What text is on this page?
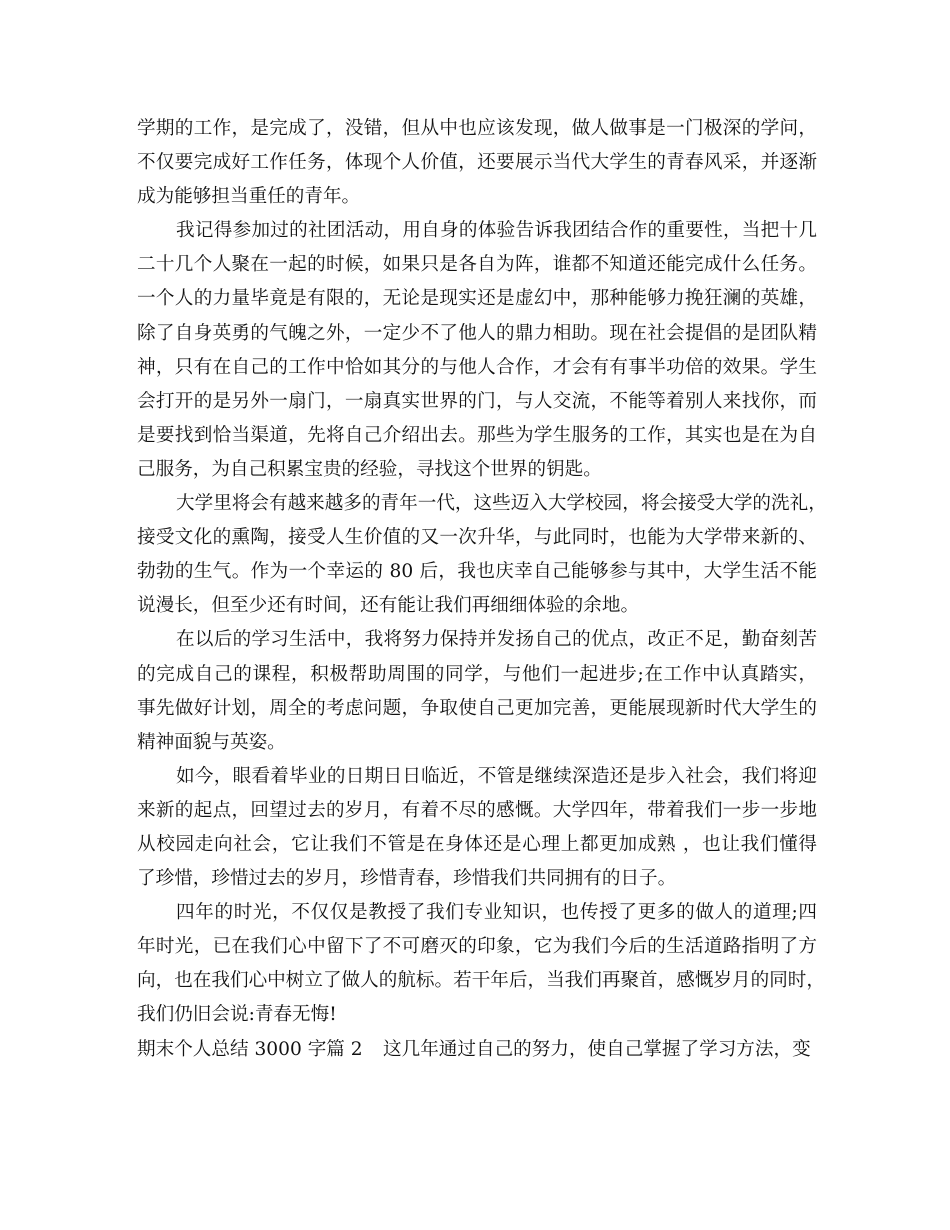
学期的工作，是完成了，没错，但从中也应该发现，做人做事是一门极深的学问，
不仅要完成好工作任务，体现个人价值，还要展示当代大学生的青春风采，并逐渐
成为能够担当重任的青年。
我记得参加过的社团活动，用自身的体验告诉我团结合作的重要性，当把十几
二十几个人聚在一起的时候，如果只是各自为阵，谁都不知道还能完成什么任务。
一个人的力量毕竟是有限的，无论是现实还是虚幻中，那种能够力挽狂澜的英雄，
除了自身英勇的气魄之外，一定少不了他人的鼎力相助。现在社会提倡的是团队精
神，只有在自己的工作中恰如其分的与他人合作，才会有有事半功倍的效果。学生
会打开的是另外一扇门，一扇真实世界的门，与人交流，不能等着别人来找你，而
是要找到恰当渠道，先将自己介绍出去。那些为学生服务的工作，其实也是在为自
己服务，为自己积累宝贵的经验，寻找这个世界的钥匙。
大学里将会有越来越多的青年一代，这些迈入大学校园，将会接受大学的洗礼，
接受文化的熏陶，接受人生价值的又一次升华，与此同时，也能为大学带来新的、
勃勃的生气。作为一个幸运的 80 后，我也庆幸自己能够参与其中，大学生活不能
说漫长，但至少还有时间，还有能让我们再细细体验的余地。
在以后的学习生活中，我将努力保持并发扬自己的优点，改正不足，勤奋刻苦
的完成自己的课程，积极帮助周围的同学，与他们一起进步;在工作中认真踏实，
事先做好计划，周全的考虑问题，争取使自己更加完善，更能展现新时代大学生的
精神面貌与英姿。
如今，眼看着毕业的日期日日临近，不管是继续深造还是步入社会，我们将迎
来新的起点，回望过去的岁月，有着不尽的感慨。大学四年，带着我们一步一步地
从校园走向社会，它让我们不管是在身体还是心理上都更加成熟 ，也让我们懂得
了珍惜，珍惜过去的岁月，珍惜青春，珍惜我们共同拥有的日子。
四年的时光，不仅仅是教授了我们专业知识，也传授了更多的做人的道理;四
年时光，已在我们心中留下了不可磨灭的印象，它为我们今后的生活道路指明了方
向，也在我们心中树立了做人的航标。若干年后，当我们再聚首，感慨岁月的同时，
我们仍旧会说:青春无悔!
期末个人总结 3000 字篇 2 这几年通过自己的努力，使自己掌握了学习方法，变
